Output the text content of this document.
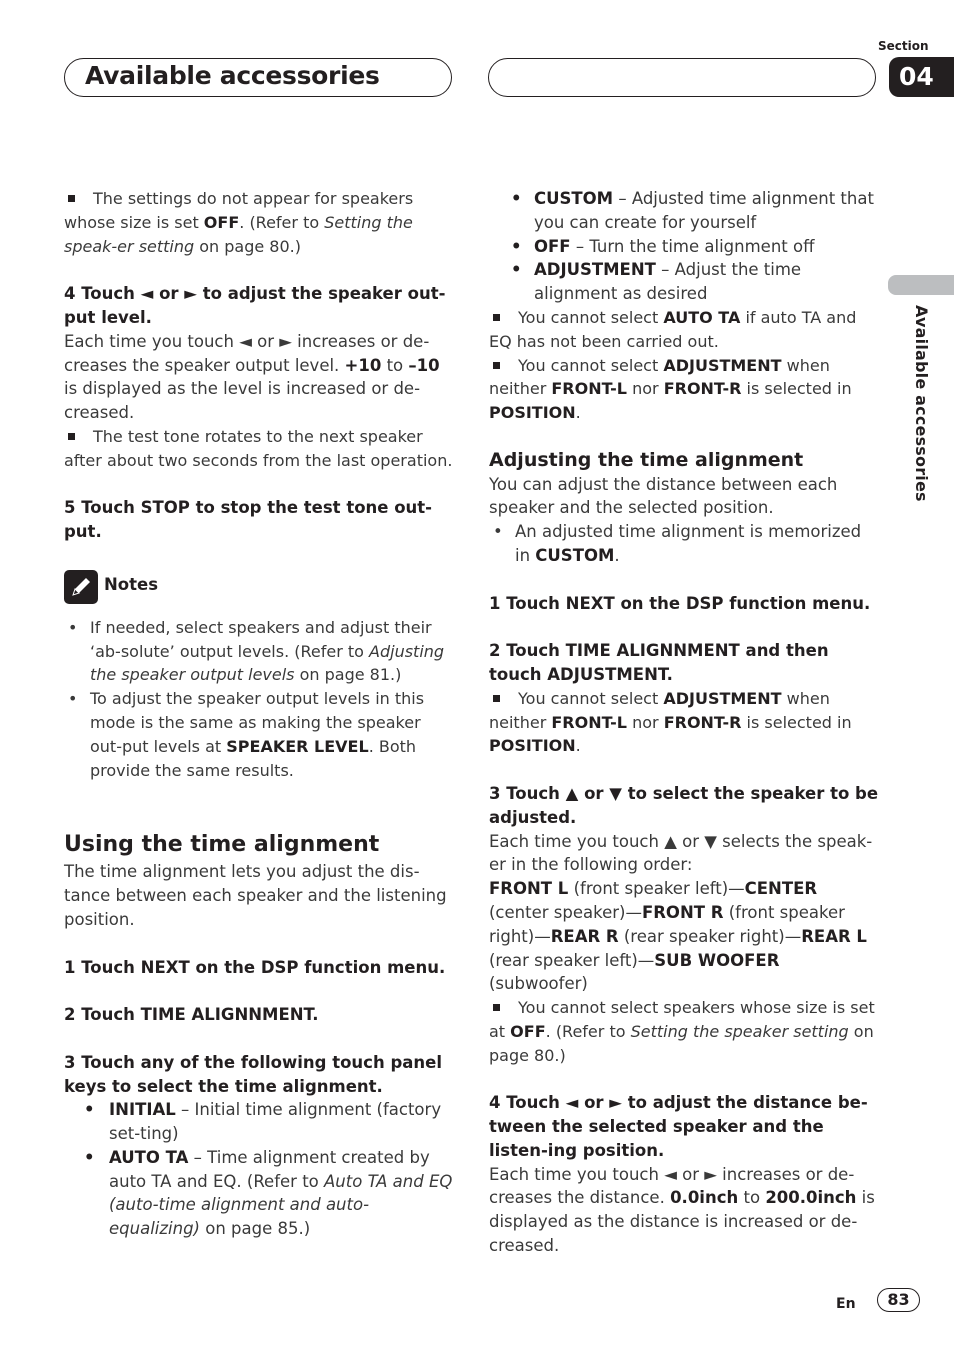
Available accessories
Section
04
Available accessories

The settings do not appear for speakers whose size is set OFF. (Refer to Setting the speak-er setting on page 80.)

4 Touch ◄ or ► to adjust the speaker out-put level.

Each time you touch ◄ or ► increases or de-creases the speaker output level. +10 to –10 is displayed as the level is increased or de-creased.

The test tone rotates to the next speaker after about two seconds from the last operation.

5 Touch STOP to stop the test tone out-put.

Notes

• If needed, select speakers and adjust their ‘ab-solute’ output levels. (Refer to Adjusting the speaker output levels on page 81.)

• To adjust the speaker output levels in this mode is the same as making the speaker out-put levels at SPEAKER LEVEL. Both provide the same results.

Using the time alignment

The time alignment lets you adjust the dis-tance between each speaker and the listening position.

1 Touch NEXT on the DSP function menu.

2 Touch TIME ALIGNNMENT.

3 Touch any of the following touch panel keys to select the time alignment.

• INITIAL – Initial time alignment (factory set-ting)

• AUTO TA – Time alignment created by auto TA and EQ. (Refer to Auto TA and EQ (auto-time alignment and auto-equalizing) on page 85.)

• CUSTOM – Adjusted time alignment that you can create for yourself

• OFF – Turn the time alignment off

• ADJUSTMENT – Adjust the time alignment as desired

You cannot select AUTO TA if auto TA and EQ has not been carried out.

You cannot select ADJUSTMENT when neither FRONT-L nor FRONT-R is selected in POSITION.

Adjusting the time alignment

You can adjust the distance between each speaker and the selected position.

• An adjusted time alignment is memorized in CUSTOM.

1 Touch NEXT on the DSP function menu.

2 Touch TIME ALIGNNMENT and then touch ADJUSTMENT.

You cannot select ADJUSTMENT when neither FRONT-L nor FRONT-R is selected in POSITION.

3 Touch ▲ or ▼ to select the speaker to be adjusted.

Each time you touch ▲ or ▼ selects the speak-er in the following order:

FRONT L (front speaker left)—CENTER (center speaker)—FRONT R (front speaker right)—REAR R (rear speaker right)—REAR L (rear speaker left)—SUB WOOFER (subwoofer)

You cannot select speakers whose size is set at OFF. (Refer to Setting the speaker setting on page 80.)

4 Touch ◄ or ► to adjust the distance be-tween the selected speaker and the listen-ing position.

Each time you touch ◄ or ► increases or de-creases the distance. 0.0inch to 200.0inch is displayed as the distance is increased or de-creased.

En	83
